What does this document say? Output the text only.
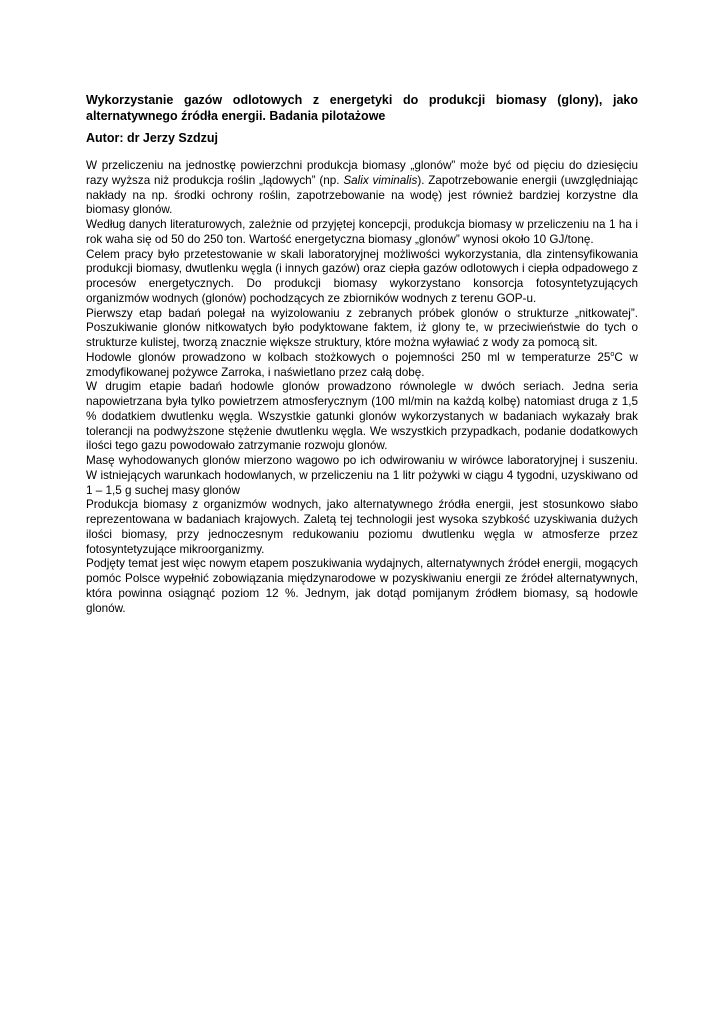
Wykorzystanie gazów odlotowych z energetyki do produkcji biomasy (glony), jako alternatywnego źródła energii. Badania pilotażowe
Autor: dr Jerzy Szdzuj

W przeliczeniu na jednostkę powierzchni produkcja biomasy „glonów” może być od pięciu do dziesięciu razy wyższa niż produkcja roślin „lądowych” (np. Salix viminalis). Zapotrzebowanie energii (uwzględniając nakłady na np. środki ochrony roślin, zapotrzebowanie na wodę) jest również bardziej korzystne dla biomasy glonów.

Według danych literaturowych, zależnie od przyjętej koncepcji, produkcja biomasy w przeliczeniu na 1 ha i rok waha się od 50 do 250 ton. Wartość energetyczna biomasy „glonów” wynosi około 10 GJ/tonę.

Celem pracy było przetestowanie w skali laboratoryjnej możliwości wykorzystania, dla zintensyfikowania produkcji biomasy, dwutlenku węgla (i innych gazów) oraz ciepła gazów odlotowych i ciepła odpadowego z procesów energetycznych. Do produkcji biomasy wykorzystano konsorcja fotosyntetyzujących organizmów wodnych (glonów) pochodzących ze zbiorników wodnych z terenu GOP-u.

Pierwszy etap badań polegał na wyizolowaniu z zebranych próbek glonów o strukturze „nitkowatej”. Poszukiwanie glonów nitkowatych było podyktowane faktem, iż glony te, w przeciwieństwie do tych o strukturze kulistej, tworzą znacznie większe struktury, które można wyławiać z wody za pomocą sit.

Hodowle glonów prowadzono w kolbach stożkowych o pojemności 250 ml w temperaturze 25$^o$C w zmodyfikowanej pożywce Zarroka, i naświetlano przez całą dobę.

W drugim etapie badań hodowle glonów prowadzono równolegle w dwóch seriach. Jedna seria napowietrzana była tylko powietrzem atmosferycznym (100 ml/min na każdą kolbę) natomiast druga z 1,5 % dodatkiem dwutlenku węgla. Wszystkie gatunki glonów wykorzystanych w badaniach wykazały brak tolerancji na podwyższone stężenie dwutlenku węgla. We wszystkich przypadkach, podanie dodatkowych ilości tego gazu powodowało zatrzymanie rozwoju glonów.

Masę wyhodowanych glonów mierzono wagowo po ich odwirowaniu w wirówce laboratoryjnej i suszeniu. W istniejących warunkach hodowlanych, w przeliczeniu na 1 litr pożywki w ciągu 4 tygodni, uzyskiwano od 1 – 1,5 g suchej masy glonów

Produkcja biomasy z organizmów wodnych, jako alternatywnego źródła energii, jest stosunkowo słabo reprezentowana w badaniach krajowych. Zaletą tej technologii jest wysoka szybkość uzyskiwania dużych ilości biomasy, przy jednoczesnym redukowaniu poziomu dwutlenku węgla w atmosferze przez fotosyntetyzujące mikroorganizmy.

Podjęty temat jest więc nowym etapem poszukiwania wydajnych, alternatywnych źródeł energii, mogących pomóc Polsce wypełnić zobowiązania międzynarodowe w pozyskiwaniu energii ze źródeł alternatywnych, która powinna osiągnąć poziom 12 %. Jednym, jak dotąd pomijanym źródłem biomasy, są hodowle glonów.
